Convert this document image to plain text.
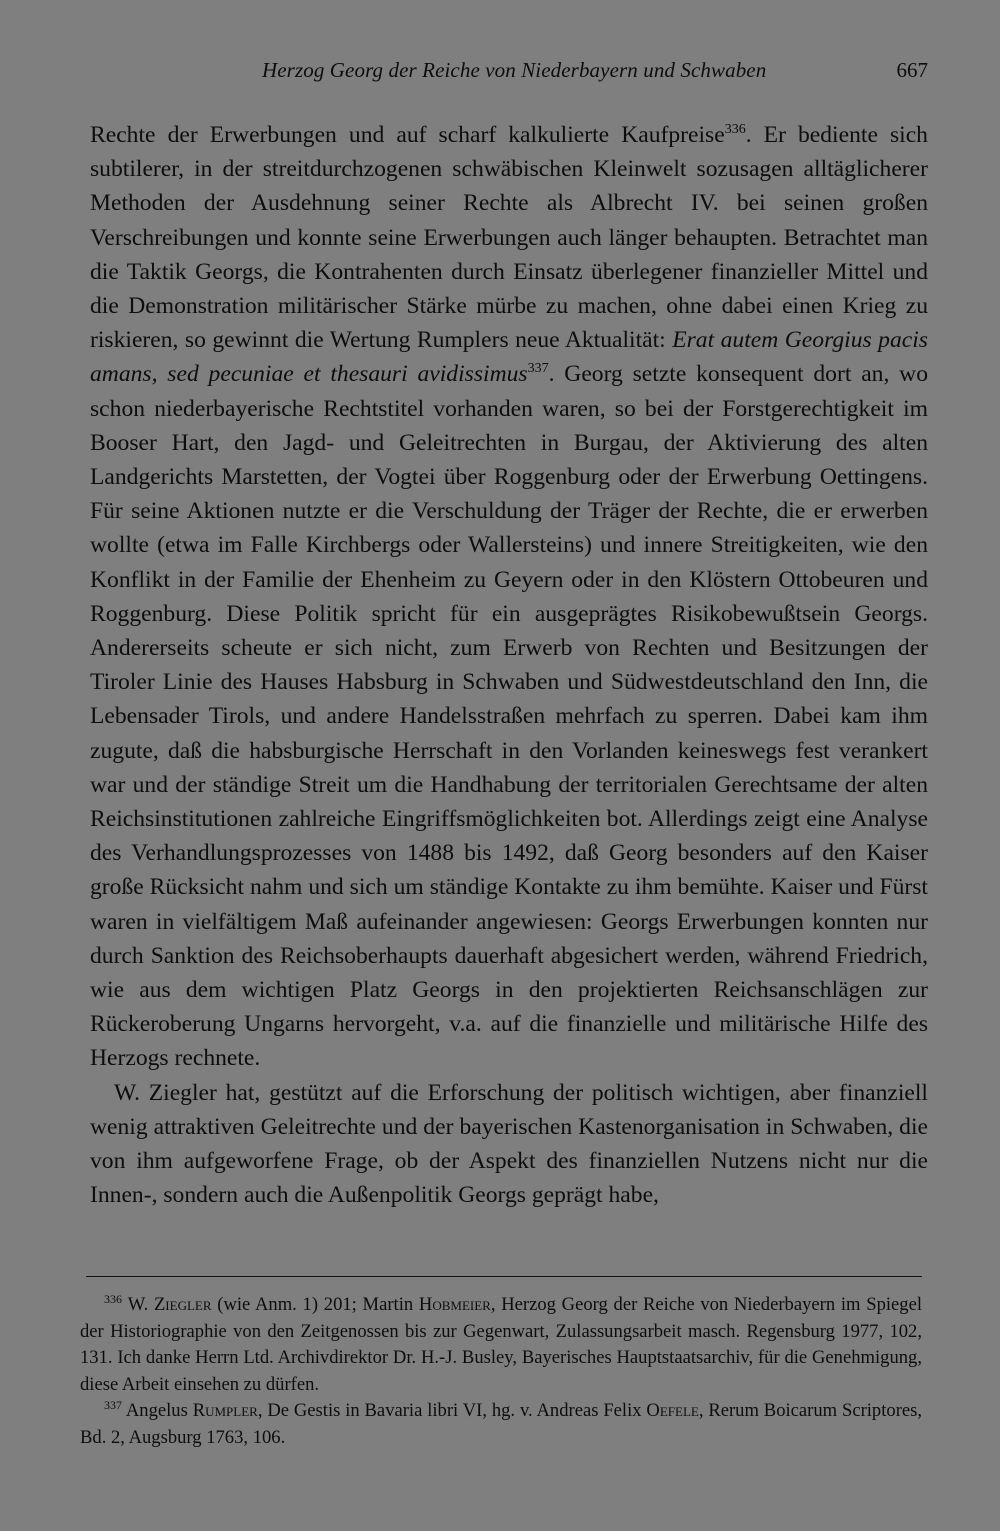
Herzog Georg der Reiche von Niederbayern und Schwaben	667

Rechte der Erwerbungen und auf scharf kalkulierte Kaufpreise$^{336}$. Er bediente sich subtilerer, in der streitdurchzogenen schwäbischen Kleinwelt sozusagen alltäglicherer Methoden der Ausdehnung seiner Rechte als Albrecht IV. bei seinen großen Verschreibungen und konnte seine Erwerbungen auch länger behaupten. Betrachtet man die Taktik Georgs, die Kontrahenten durch Einsatz überlegener finanzieller Mittel und die Demonstration militärischer Stärke mürbe zu machen, ohne dabei einen Krieg zu riskieren, so gewinnt die Wertung Rumplers neue Aktualität: Erat autem Georgius pacis amans, sed pecuniae et thesauri avidissimus$^{337}$. Georg setzte konsequent dort an, wo schon niederbayerische Rechtstitel vorhanden waren, so bei der Forstgerechtigkeit im Booser Hart, den Jagd- und Geleitrechten in Burgau, der Aktivierung des alten Landgerichts Marstetten, der Vogtei über Roggenburg oder der Erwerbung Oettingens. Für seine Aktionen nutzte er die Verschuldung der Träger der Rechte, die er erwerben wollte (etwa im Falle Kirchbergs oder Wallersteins) und innere Streitigkeiten, wie den Konflikt in der Familie der Ehenheim zu Geyern oder in den Klöstern Ottobeuren und Roggenburg. Diese Politik spricht für ein ausgeprägtes Risikobewußtsein Georgs. Andererseits scheute er sich nicht, zum Erwerb von Rechten und Besitzungen der Tiroler Linie des Hauses Habsburg in Schwaben und Südwestdeutschland den Inn, die Lebensader Tirols, und andere Handelsstraßen mehrfach zu sperren. Dabei kam ihm zugute, daß die habsburgische Herrschaft in den Vorlanden keineswegs fest verankert war und der ständige Streit um die Handhabung der territorialen Gerechtsame der alten Reichsinstitutionen zahlreiche Eingriffsmöglichkeiten bot. Allerdings zeigt eine Analyse des Verhandlungsprozesses von 1488 bis 1492, daß Georg besonders auf den Kaiser große Rücksicht nahm und sich um ständige Kontakte zu ihm bemühte. Kaiser und Fürst waren in vielfältigem Maß aufeinander angewiesen: Georgs Erwerbungen konnten nur durch Sanktion des Reichsoberhaupts dauerhaft abgesichert werden, während Friedrich, wie aus dem wichtigen Platz Georgs in den projektierten Reichsanschlägen zur Rückeroberung Ungarns hervorgeht, v.a. auf die finanzielle und militärische Hilfe des Herzogs rechnete.

W. Ziegler hat, gestützt auf die Erforschung der politisch wichtigen, aber finanziell wenig attraktiven Geleitrechte und der bayerischen Kastenorganisation in Schwaben, die von ihm aufgeworfene Frage, ob der Aspekt des finanziellen Nutzens nicht nur die Innen-, sondern auch die Außenpolitik Georgs geprägt habe,

$^{336}$ W. Ziegler (wie Anm. 1) 201; Martin Hobmeier, Herzog Georg der Reiche von Niederbayern im Spiegel der Historiographie von den Zeitgenossen bis zur Gegenwart, Zulassungsarbeit masch. Regensburg 1977, 102, 131. Ich danke Herrn Ltd. Archivdirektor Dr. H.-J. Busley, Bayerisches Hauptstaatsarchiv, für die Genehmigung, diese Arbeit einsehen zu dürfen.

$^{337}$ Angelus Rumpler, De Gestis in Bavaria libri VI, hg. v. Andreas Felix Oefele, Rerum Boicarum Scriptores, Bd. 2, Augsburg 1763, 106.
